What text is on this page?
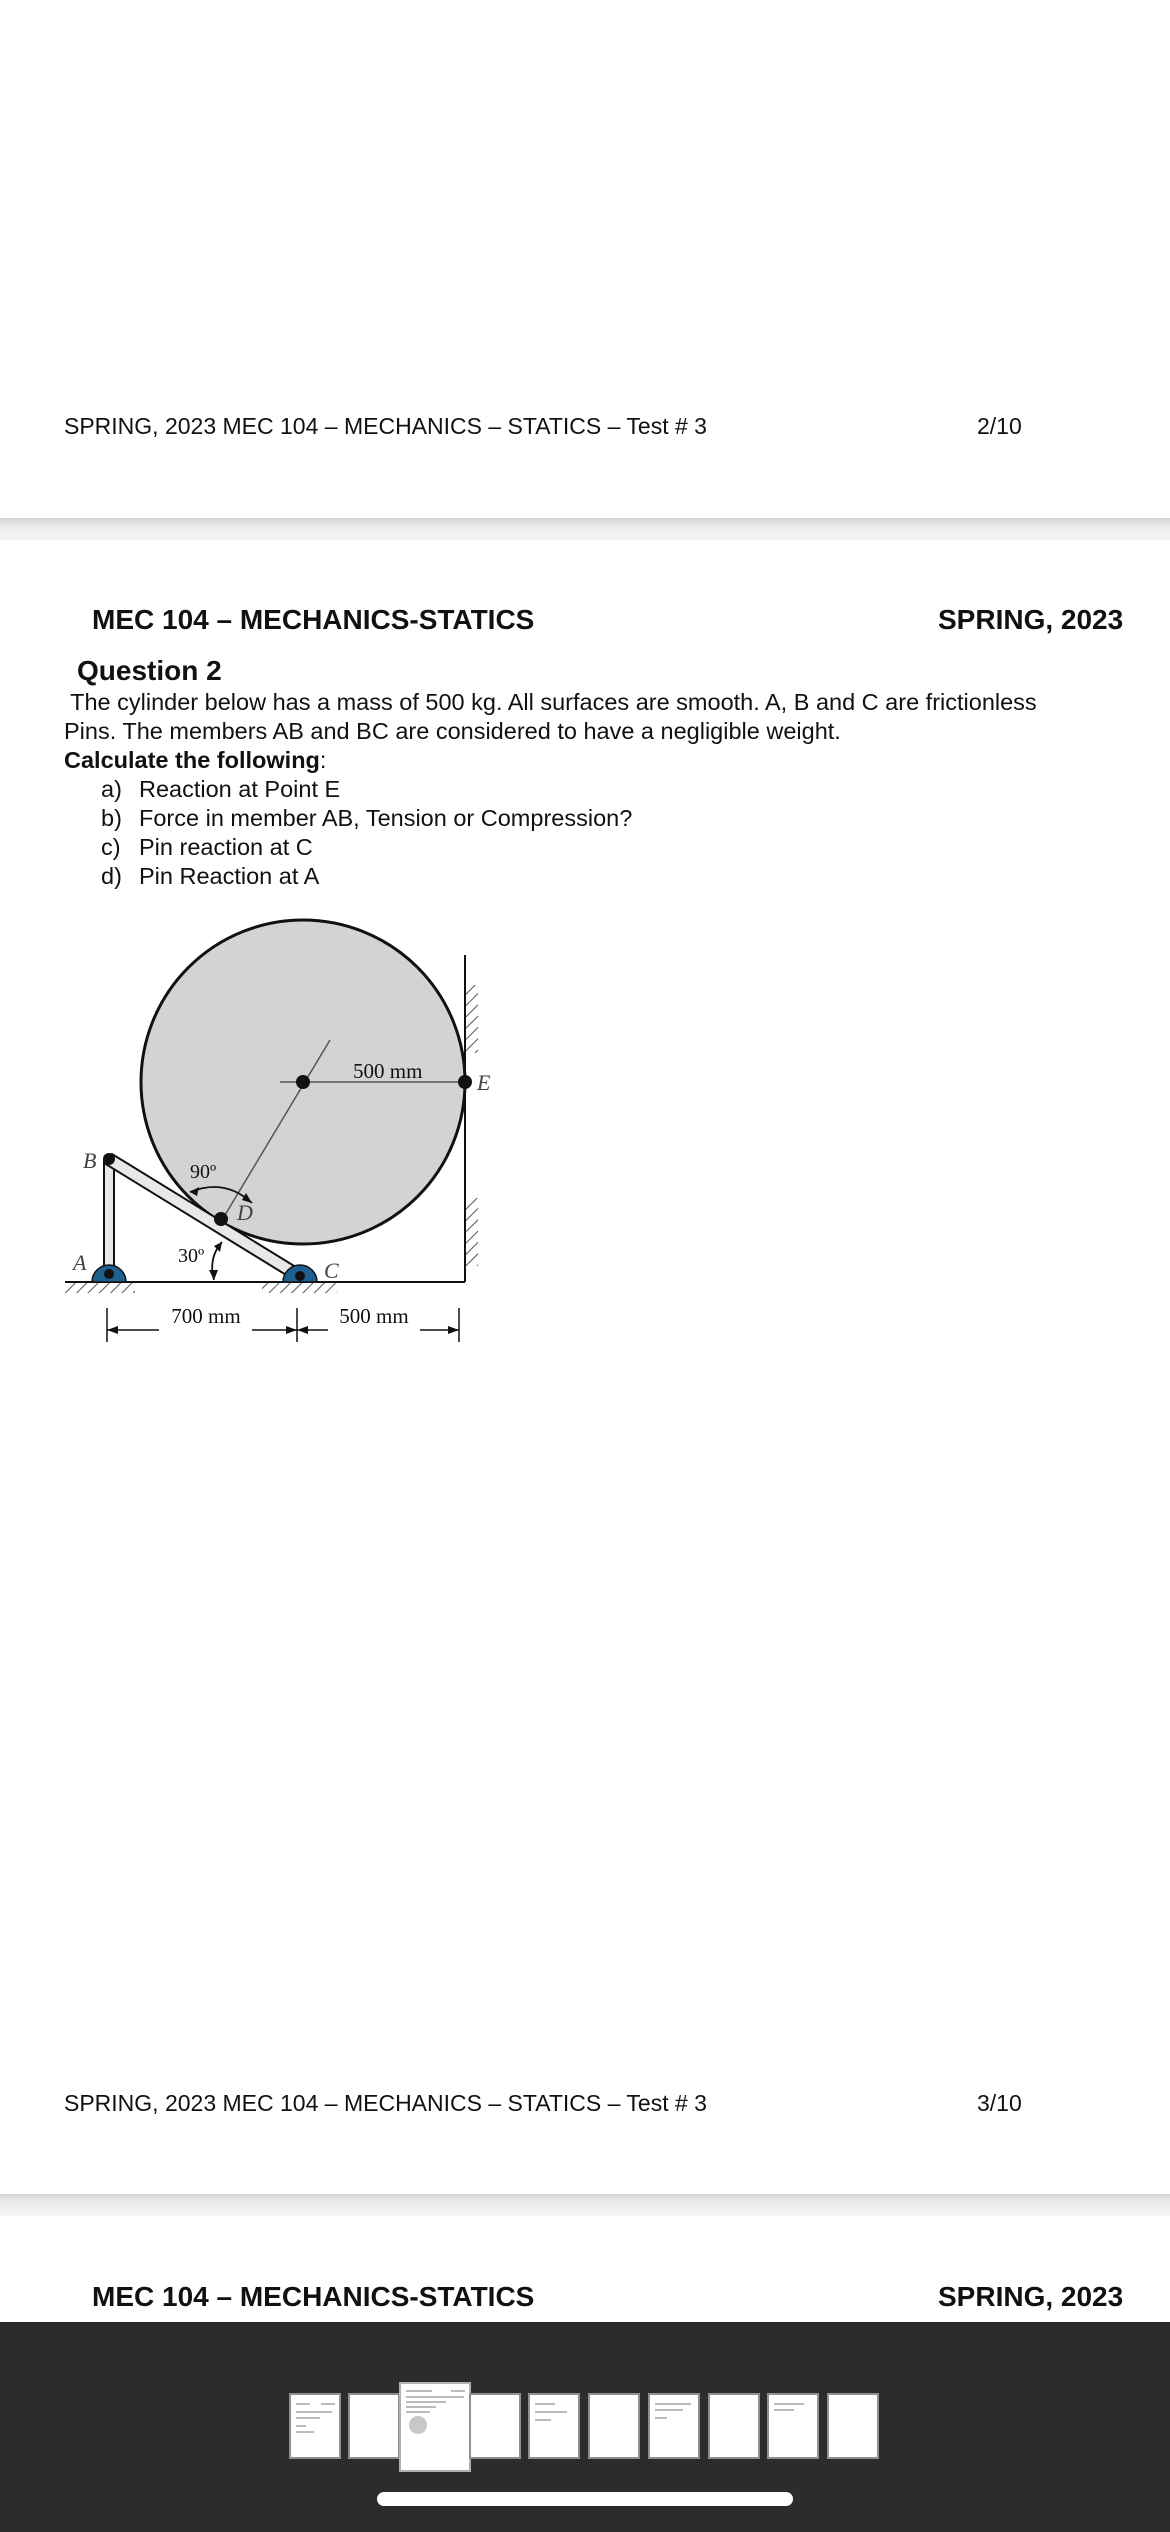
SPRING, 2023 MEC 104 – MECHANICS – STATICS – Test # 3	2/10
MEC 104 – MECHANICS-STATICS	SPRING, 2023
Question 2
The cylinder below has a mass of 500 kg. All surfaces are smooth. A, B and C are frictionless
Pins. The members AB and BC are considered to have a negligible weight.
Calculate the following:
a) Reaction at Point E
b) Force in member AB, Tension or Compression?
c) Pin reaction at C
d) Pin Reaction at A
500 mm E
B
D
A	C
90º
30º
700 mm	500 mm
SPRING, 2023 MEC 104 – MECHANICS – STATICS – Test # 3	3/10
MEC 104 – MECHANICS-STATICS	SPRING, 2023
